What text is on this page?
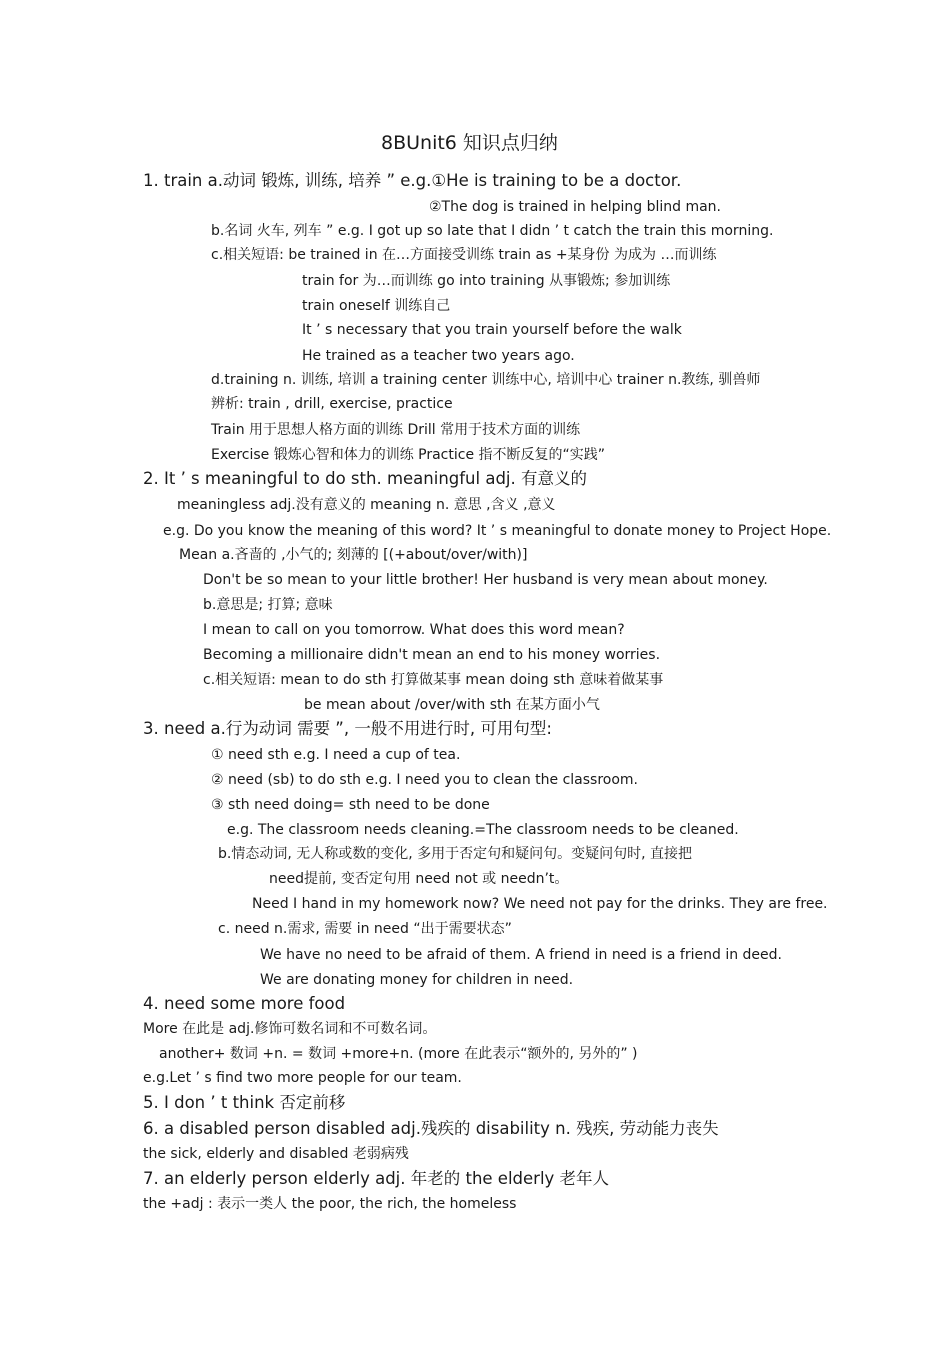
8BUnit6 知识点归纳
1. train a.动词 锻炼, 训练, 培养 ” e.g.①He is training to be a doctor.
②The dog is trained in helping blind man.
b.名词 火车, 列车 ” e.g. I got up so late that I didn ’ t catch the train this morning.
c.相关短语: be trained in 在…方面接受训练 train as +某身份 为成为 …而训练
train for 为…而训练 go into training 从事锻炼; 参加训练
train oneself 训练自己
It ’ s necessary that you train yourself before the walk
He trained as a teacher two years ago.
d.training n. 训练, 培训 a training center 训练中心, 培训中心 trainer n.教练, 驯兽师
辨析: train , drill, exercise, practice
Train 用于思想人格方面的训练 Drill 常用于技术方面的训练
Exercise 锻炼心智和体力的训练 Practice 指不断反复的“实践”
2. It ’ s meaningful to do sth. meaningful adj. 有意义的
meaningless adj.没有意义的 meaning n. 意思 ,含义 ,意义
e.g. Do you know the meaning of this word? It ’ s meaningful to donate money to Project Hope.
Mean a.吝啬的 ,小气的; 刻薄的 [(+about/over/with)]
Don't be so mean to your little brother! Her husband is very mean about money.
b.意思是; 打算; 意味
I mean to call on you tomorrow. What does this word mean?
Becoming a millionaire didn't mean an end to his money worries.
c.相关短语: mean to do sth 打算做某事 mean doing sth 意味着做某事
be mean about /over/with sth 在某方面小气
3. need a.行为动词 需要 ”, 一般不用进行时, 可用句型:
① need sth e.g. I need a cup of tea.
② need (sb) to do sth e.g. I need you to clean the classroom.
③ sth need doing= sth need to be done
e.g. The classroom needs cleaning.=The classroom needs to be cleaned.
b.情态动词, 无人称或数的变化, 多用于否定句和疑问句。变疑问句时, 直接把
need提前, 变否定句用 need not 或 needn’t。
Need I hand in my homework now? We need not pay for the drinks. They are free.
c. need n.需求, 需要 in need “出于需要状态”
We have no need to be afraid of them. A friend in need is a friend in deed.
We are donating money for children in need.
4. need some more food
More 在此是 adj.修饰可数名词和不可数名词。
another+ 数词 +n. = 数词 +more+n. (more 在此表示“额外的, 另外的” )
e.g.Let ’ s find two more people for our team.
5. I don ’ t think 否定前移
6. a disabled person disabled adj.残疾的 disability n. 残疾, 劳动能力丧失
the sick, elderly and disabled 老弱病残
7. an elderly person elderly adj. 年老的 the elderly 老年人
the +adj : 表示一类人 the poor, the rich, the homeless
